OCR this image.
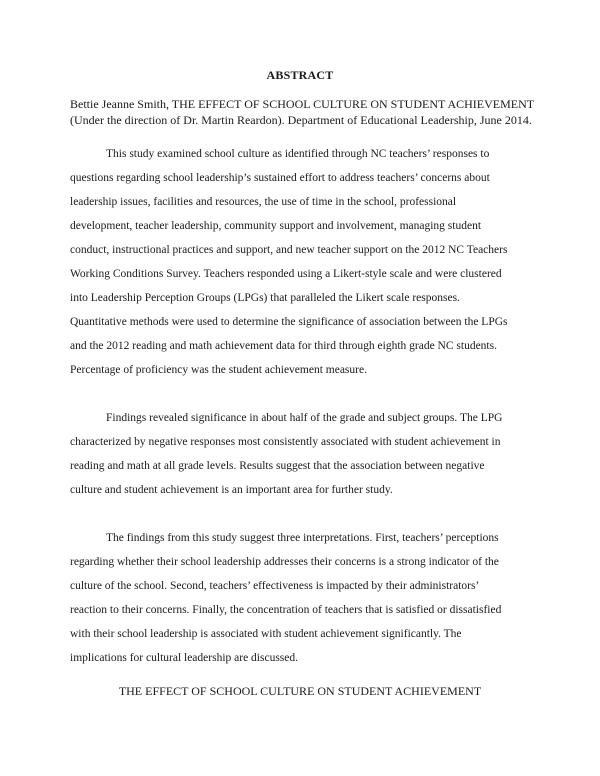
ABSTRACT
Bettie Jeanne Smith, THE EFFECT OF SCHOOL CULTURE ON STUDENT ACHIEVEMENT
(Under the direction of Dr. Martin Reardon). Department of Educational Leadership, June 2014.
This study examined school culture as identified through NC teachers’ responses to
questions regarding school leadership’s sustained effort to address teachers’ concerns about
leadership issues, facilities and resources, the use of time in the school, professional
development, teacher leadership, community support and involvement, managing student
conduct, instructional practices and support, and new teacher support on the 2012 NC Teachers
Working Conditions Survey. Teachers responded using a Likert-style scale and were clustered
into Leadership Perception Groups (LPGs) that paralleled the Likert scale responses.
Quantitative methods were used to determine the significance of association between the LPGs
and the 2012 reading and math achievement data for third through eighth grade NC students.
Percentage of proficiency was the student achievement measure.
Findings revealed significance in about half of the grade and subject groups. The LPG
characterized by negative responses most consistently associated with student achievement in
reading and math at all grade levels. Results suggest that the association between negative
culture and student achievement is an important area for further study.
The findings from this study suggest three interpretations. First, teachers’ perceptions
regarding whether their school leadership addresses their concerns is a strong indicator of the
culture of the school. Second, teachers’ effectiveness is impacted by their administrators’
reaction to their concerns. Finally, the concentration of teachers that is satisfied or dissatisfied
with their school leadership is associated with student achievement significantly. The
implications for cultural leadership are discussed.
THE EFFECT OF SCHOOL CULTURE ON STUDENT ACHIEVEMENT
